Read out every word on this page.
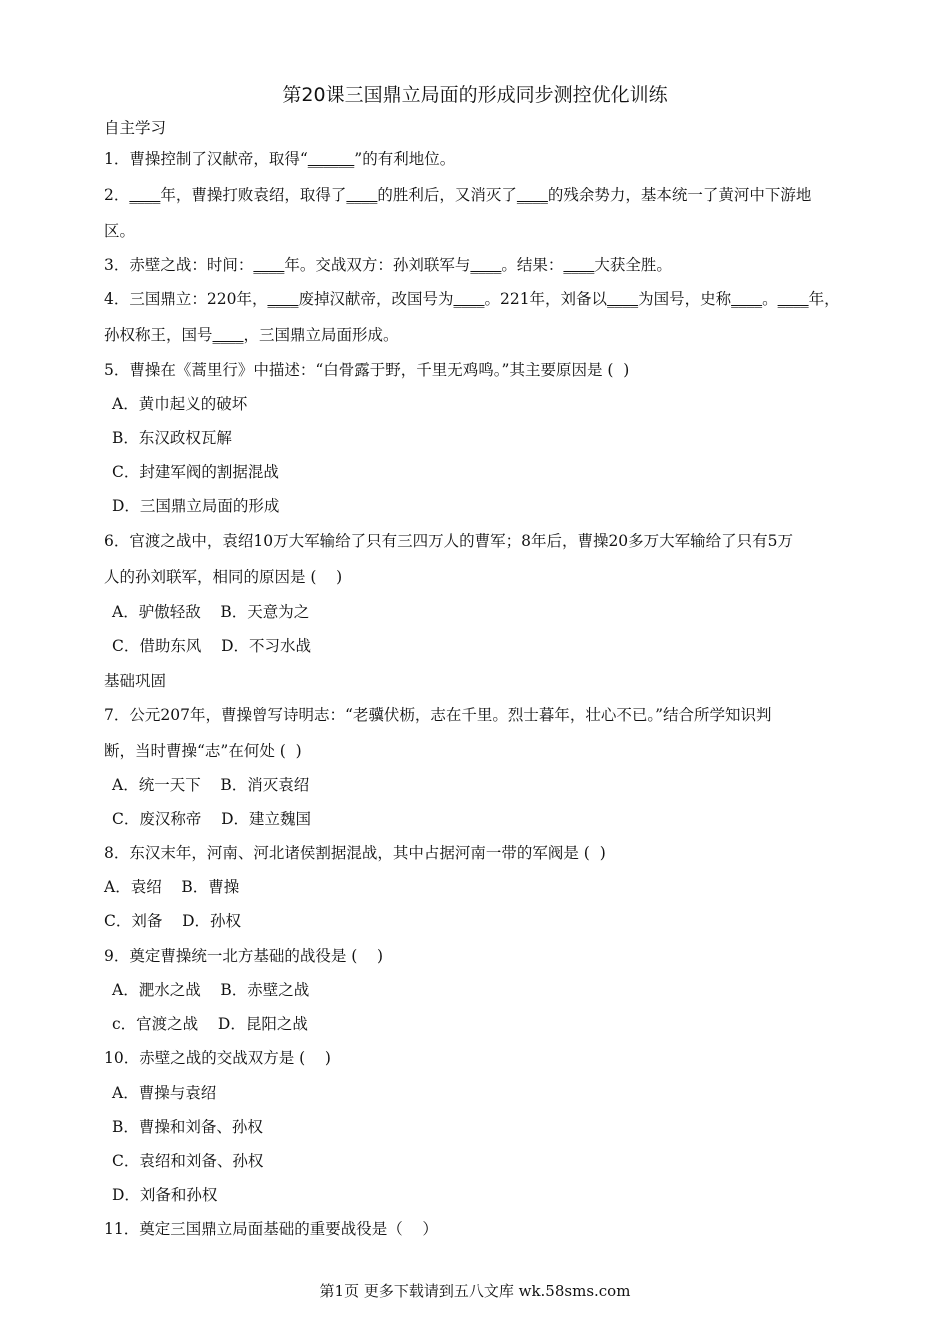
第20课三国鼎立局面的形成同步测控优化训练
自主学习
1．曹操控制了汉献帝，取得“______”的有利地位。
2．____年，曹操打败袁绍，取得了____的胜利后，又消灭了____的残余势力，基本统一了黄河中下游地
区。
3．赤壁之战：时间：____年。交战双方：孙刘联军与____。结果：____大获全胜。
4．三国鼎立：220年，____废掉汉献帝，改国号为____。221年，刘备以____为国号，史称____。____年，
孙权称王，国号____，三国鼎立局面形成。
5．曹操在《蒿里行》中描述：“白骨露于野，千里无鸡鸣。”其主要原因是 (  )
A．黄巾起义的破坏
B．东汉政权瓦解
C．封建军阀的割据混战
D．三国鼎立局面的形成
6．官渡之战中，袁绍10万大军输给了只有三四万人的曹军；8年后，曹操20多万大军输给了只有5万
人的孙刘联军，相同的原因是 (    )
A．驴傲轻敌    B．天意为之
C．借助东风    D．不习水战
基础巩固
7．公元207年，曹操曾写诗明志：“老骥伏枥，志在千里。烈士暮年，壮心不已。”结合所学知识判
断，当时曹操“志”在何处 (  )
A．统一天下    B．消灭袁绍
C．废汉称帝    D．建立魏国
8．东汉末年，河南、河北诸侯割据混战，其中占据河南一带的军阀是 (  )
A．袁绍    B．曹操
C．刘备    D．孙权
9．奠定曹操统一北方基础的战役是 (    )
A．淝水之战    B．赤壁之战
c．官渡之战    D．昆阳之战
10．赤壁之战的交战双方是 (    )
A．曹操与袁绍
B．曹操和刘备、孙权
C．袁绍和刘备、孙权
D．刘备和孙权
11．奠定三国鼎立局面基础的重要战役是（    ）
第1页 更多下载请到五八文库 wk.58sms.com
